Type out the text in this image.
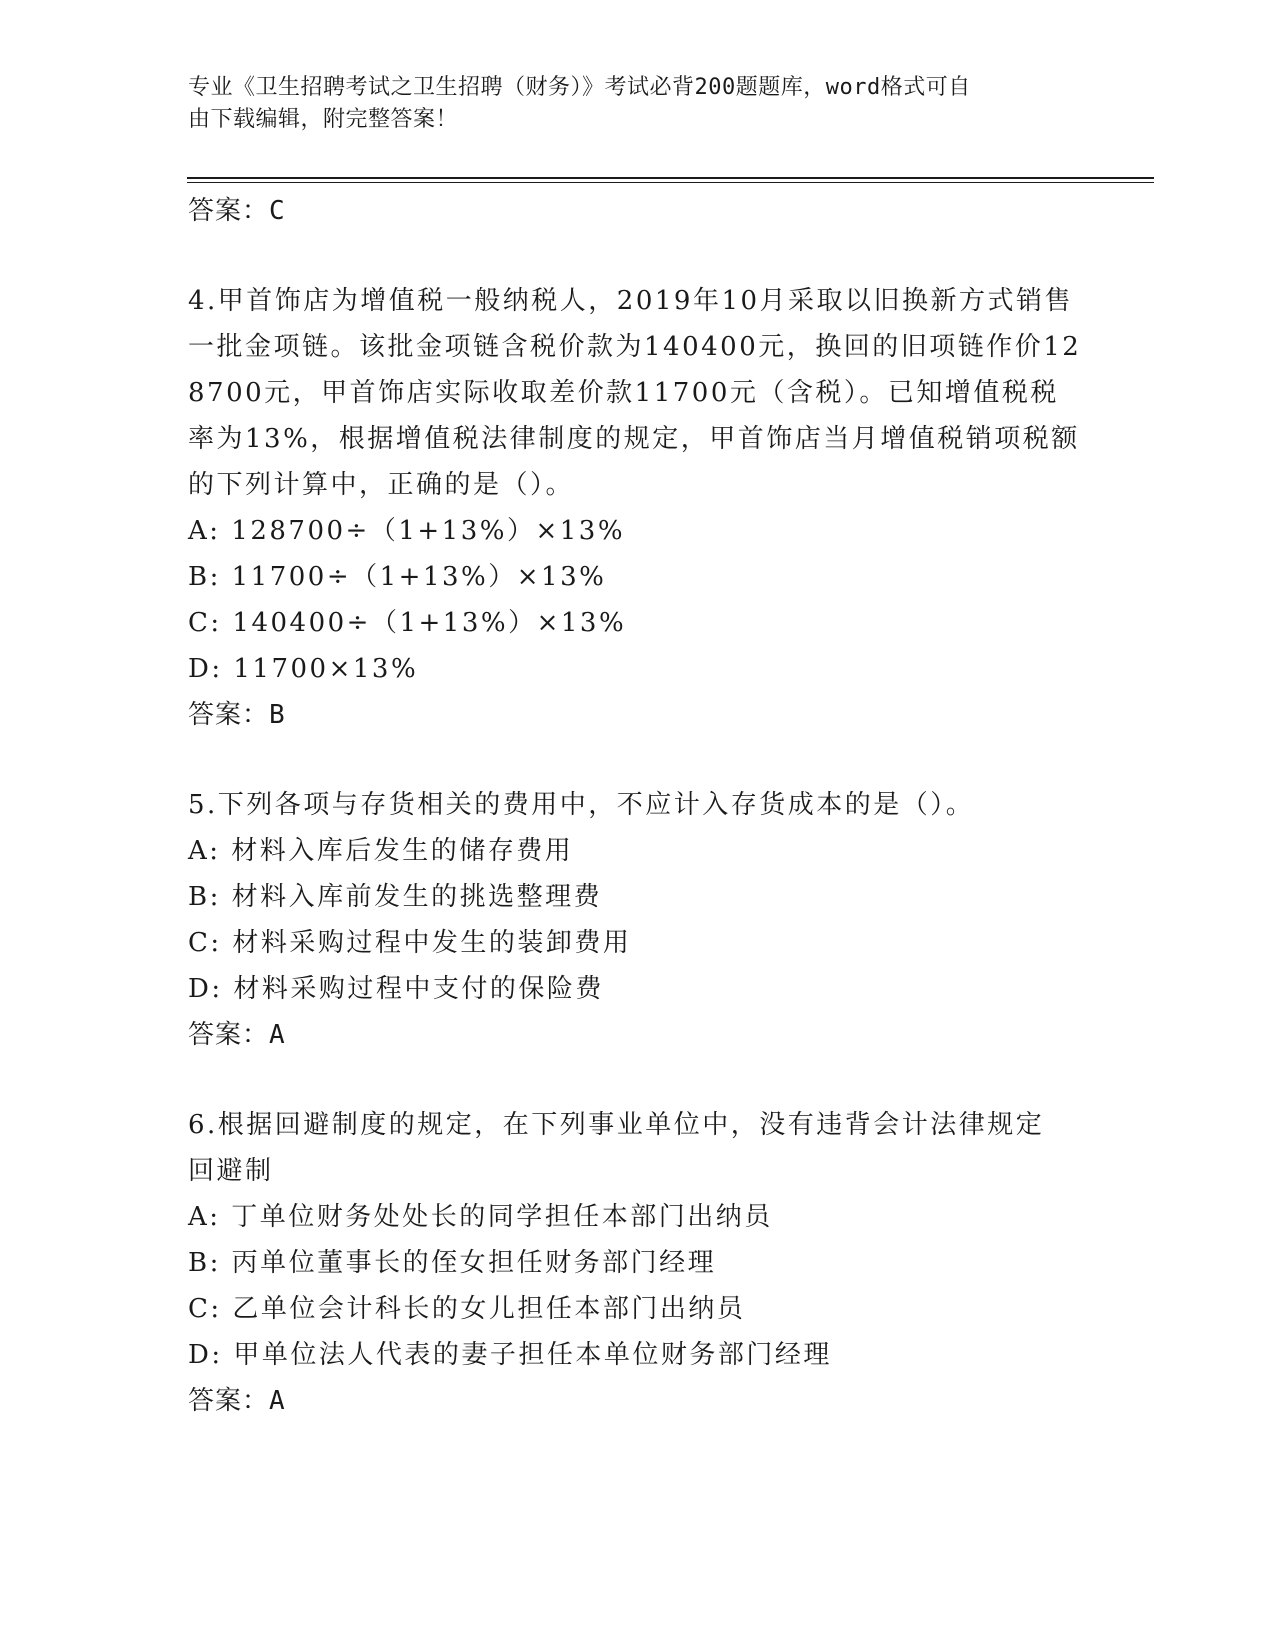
专业《卫生招聘考试之卫生招聘（财务）》考试必背200题题库，word格式可自
由下载编辑，附完整答案！
答案：C
4.甲首饰店为增值税一般纳税人，2019年10月采取以旧换新方式销售一批金项链。该批金项链含税价款为140400元，换回的旧项链作价128700元，甲首饰店实际收取差价款11700元（含税）。已知增值税税率为13%，根据增值税法律制度的规定，甲首饰店当月增值税销项税额的下列计算中，正确的是（）。
A: 128700÷（1+13%）×13%
B: 11700÷（1+13%）×13%
C: 140400÷（1+13%）×13%
D: 11700×13%
答案：B
5.下列各项与存货相关的费用中，不应计入存货成本的是（）。
A: 材料入库后发生的储存费用
B: 材料入库前发生的挑选整理费
C: 材料采购过程中发生的装卸费用
D: 材料采购过程中支付的保险费
答案：A
6.根据回避制度的规定，在下列事业单位中，没有违背会计法律规定回避制
A: 丁单位财务处处长的同学担任本部门出纳员
B: 丙单位董事长的侄女担任财务部门经理
C: 乙单位会计科长的女儿担任本部门出纳员
D: 甲单位法人代表的妻子担任本单位财务部门经理
答案：A
